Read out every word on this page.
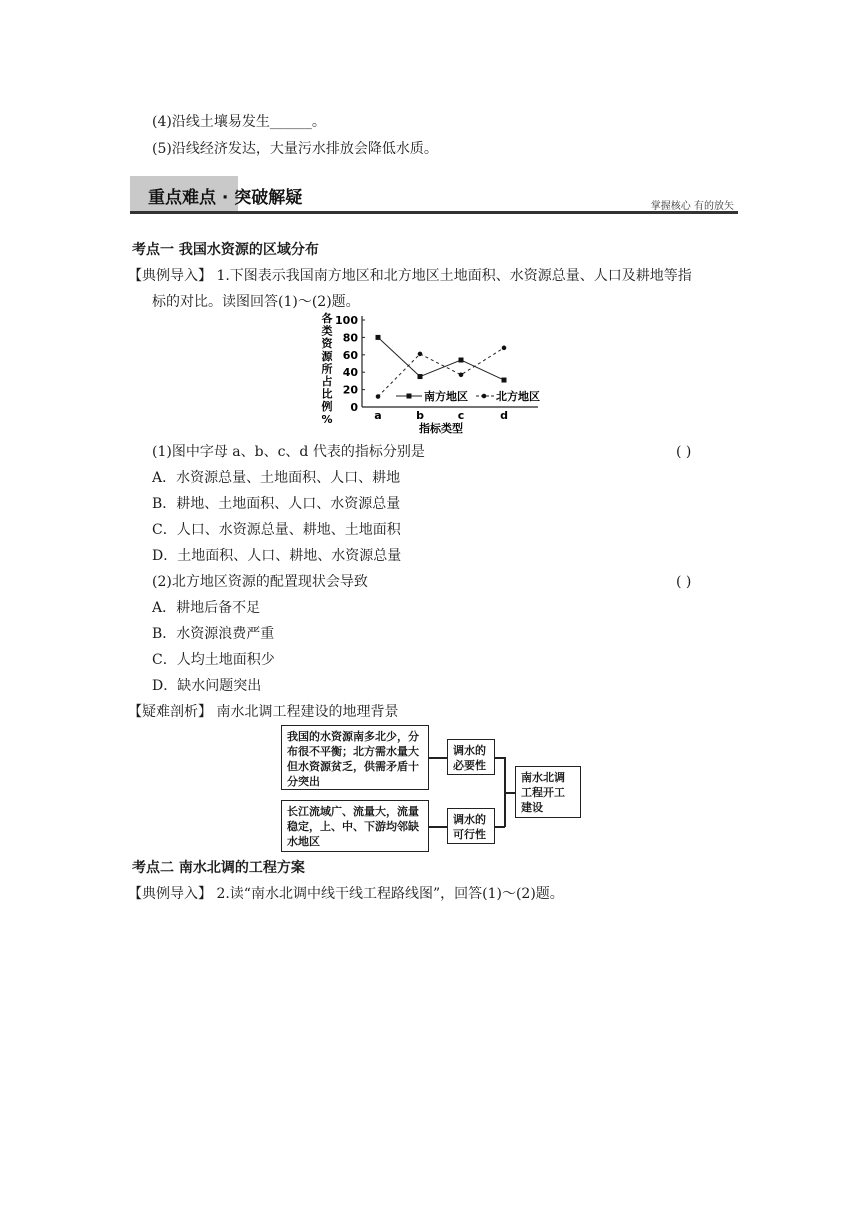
(4)沿线土壤易发生______。
(5)沿线经济发达，大量污水排放会降低水质。
重点难点 · 突破解疑	掌握核心 有的放矢
考点一 我国水资源的区域分布
【典例导入】 1.下图表示我国南方地区和北方地区土地面积、水资源总量、人口及耕地等指
标的对比。读图回答(1)～(2)题。
各
类
资
源
所
占
比
例
%
0
20
40
60
80
100
a	b	c	d
南方地区	北方地区
指标类型
(1)图中字母 a、b、c、d 代表的指标分别是	( )
A．水资源总量、土地面积、人口、耕地
B．耕地、土地面积、人口、水资源总量
C．人口、水资源总量、耕地、土地面积
D．土地面积、人口、耕地、水资源总量
(2)北方地区资源的配置现状会导致	( )
A．耕地后备不足
B．水资源浪费严重
C．人均土地面积少
D．缺水问题突出
【疑难剖析】 南水北调工程建设的地理背景
我国的水资源南多北少，分布很不平衡；北方需水量大但水资源贫乏，供需矛盾十分突出
调水的必要性
长江流域广、流量大，流量稳定，上、中、下游均邻缺水地区
调水的可行性
南水北调工程开工建设
考点二 南水北调的工程方案
【典例导入】 2.读“南水北调中线干线工程路线图”，回答(1)～(2)题。
